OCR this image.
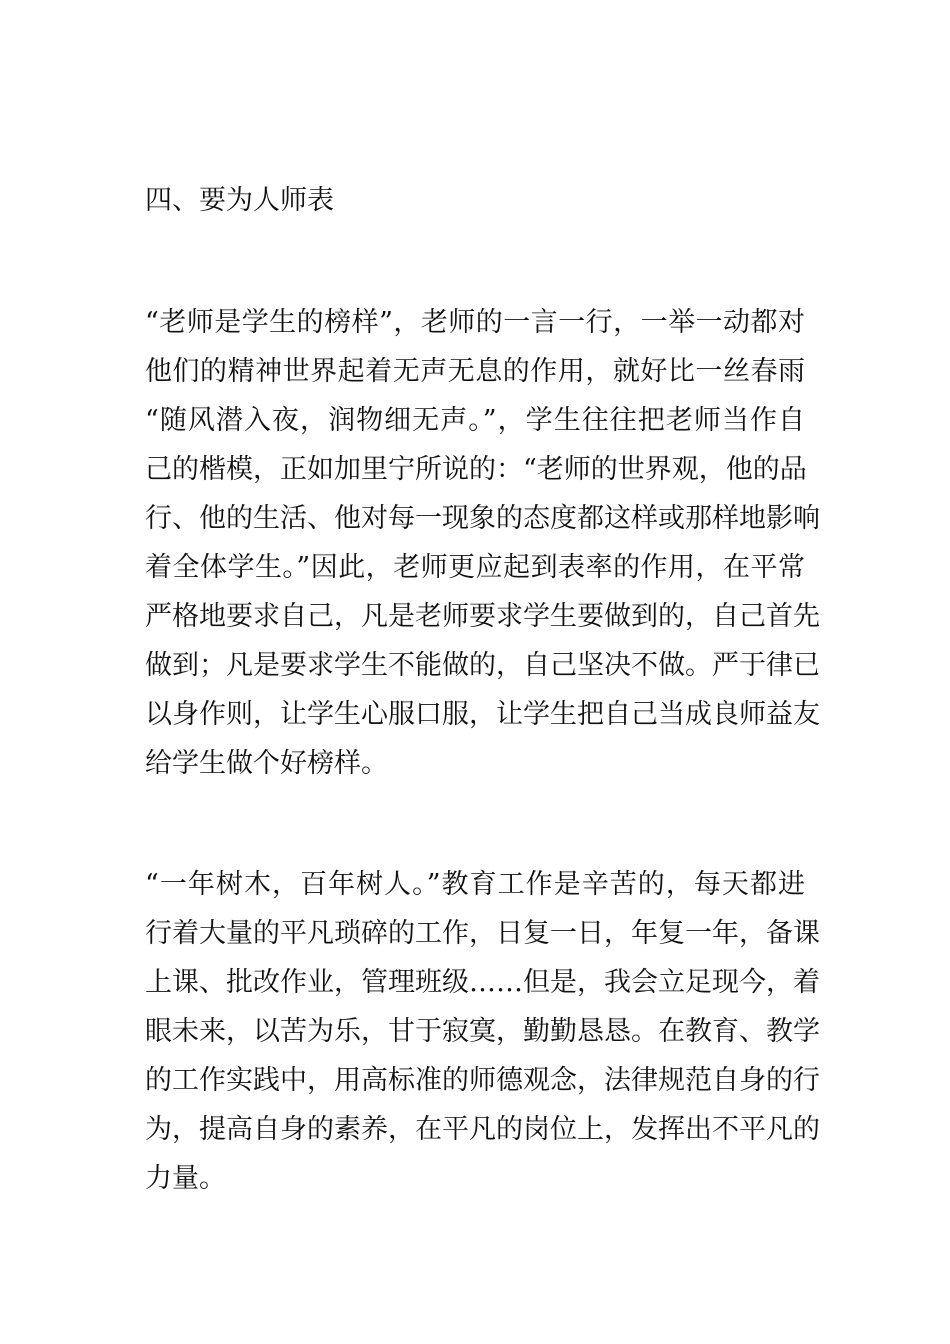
四、要为人师表
“老师是学生的榜样”，老师的一言一行，一举一动都对
他们的精神世界起着无声无息的作用，就好比一丝春雨
“随风潜入夜，润物细无声。”，学生往往把老师当作自
己的楷模，正如加里宁所说的：“老师的世界观，他的品
行、他的生活、他对每一现象的态度都这样或那样地影响
着全体学生。”因此，老师更应起到表率的作用，在平常
严格地要求自己，凡是老师要求学生要做到的，自己首先
做到；凡是要求学生不能做的，自己坚决不做。严于律已
以身作则，让学生心服口服，让学生把自己当成良师益友
给学生做个好榜样。
“一年树木，百年树人。”教育工作是辛苦的，每天都进
行着大量的平凡琐碎的工作，日复一日，年复一年，备课
上课、批改作业，管理班级……但是，我会立足现今，着
眼未来，以苦为乐，甘于寂寞，勤勤恳恳。在教育、教学
的工作实践中，用高标准的师德观念，法律规范自身的行
为，提高自身的素养，在平凡的岗位上，发挥出不平凡的
力量。
